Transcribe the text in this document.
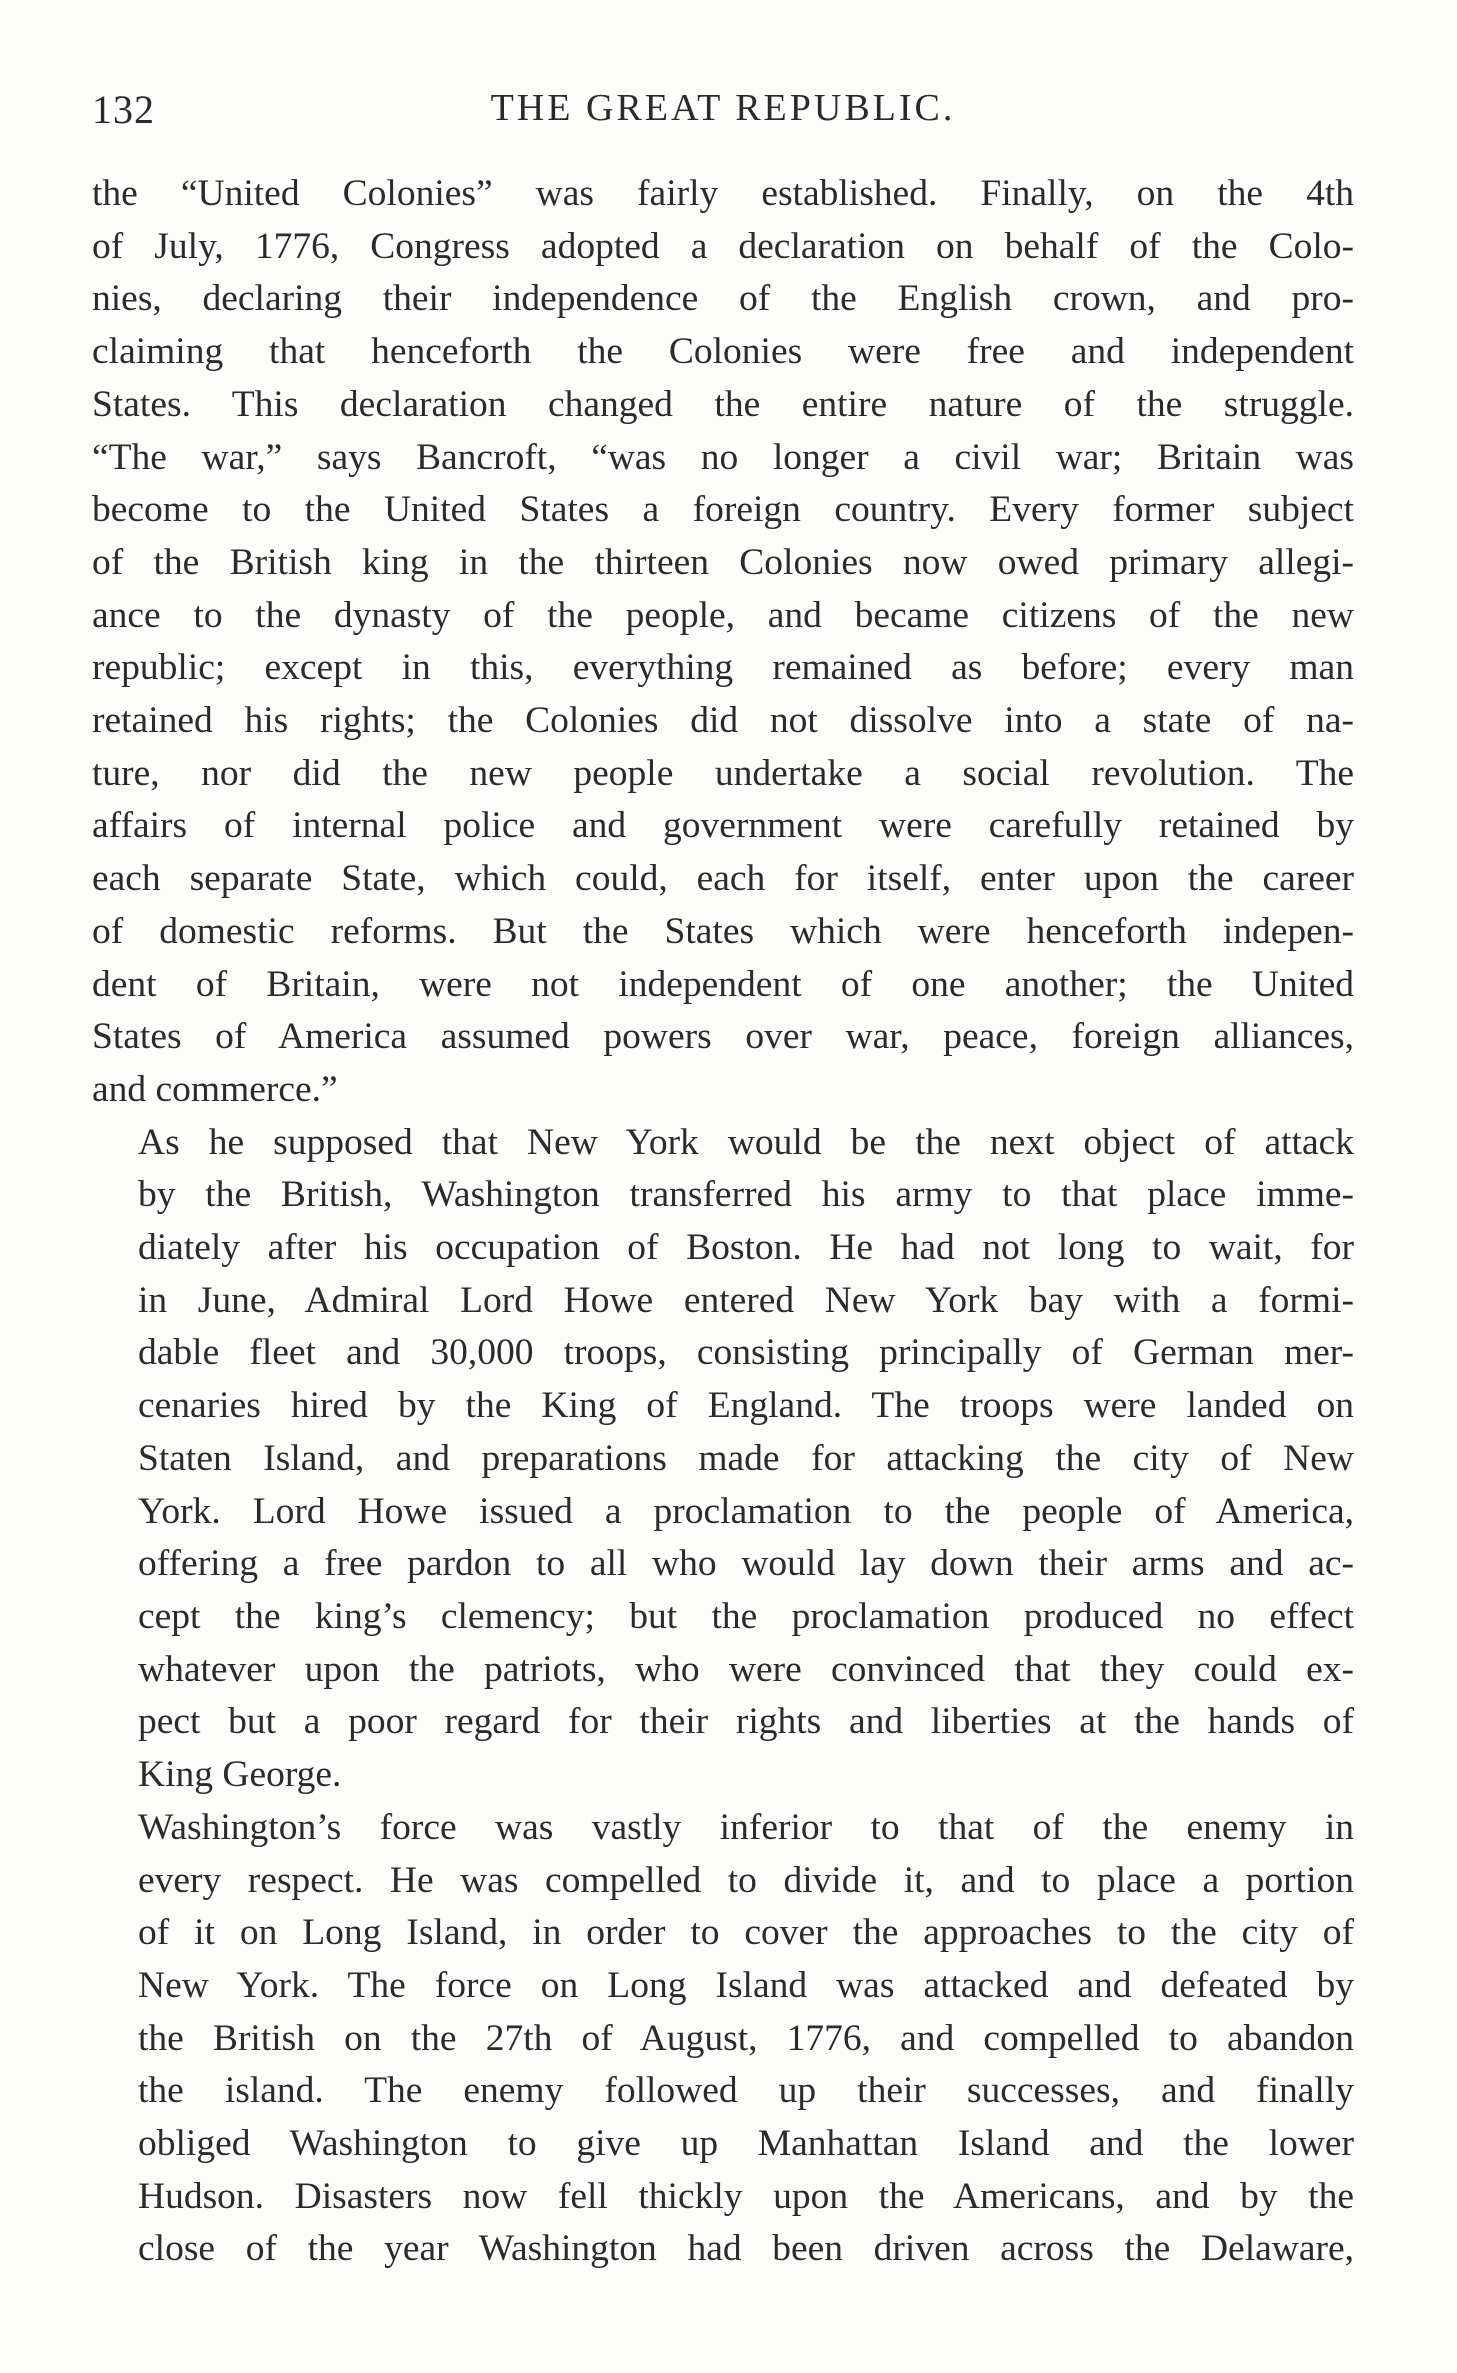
132	THE GREAT REPUBLIC.

the “United Colonies” was fairly established. Finally, on the 4th
of July, 1776, Congress adopted a declaration on behalf of the Colo-
nies, declaring their independence of the English crown, and pro-
claiming that henceforth the Colonies were free and independent
States. This declaration changed the entire nature of the struggle.
“The war,” says Bancroft, “was no longer a civil war; Britain was
become to the United States a foreign country. Every former subject
of the British king in the thirteen Colonies now owed primary allegi-
ance to the dynasty of the people, and became citizens of the new
republic; except in this, everything remained as before; every man
retained his rights; the Colonies did not dissolve into a state of na-
ture, nor did the new people undertake a social revolution. The
affairs of internal police and government were carefully retained by
each separate State, which could, each for itself, enter upon the career
of domestic reforms. But the States which were henceforth indepen-
dent of Britain, were not independent of one another; the United
States of America assumed powers over war, peace, foreign alliances,
and commerce.”

As he supposed that New York would be the next object of attack
by the British, Washington transferred his army to that place imme-
diately after his occupation of Boston. He had not long to wait, for
in June, Admiral Lord Howe entered New York bay with a formi-
dable fleet and 30,000 troops, consisting principally of German mer-
cenaries hired by the King of England. The troops were landed on
Staten Island, and preparations made for attacking the city of New
York. Lord Howe issued a proclamation to the people of America,
offering a free pardon to all who would lay down their arms and ac-
cept the king’s clemency; but the proclamation produced no effect
whatever upon the patriots, who were convinced that they could ex-
pect but a poor regard for their rights and liberties at the hands of
King George.

Washington’s force was vastly inferior to that of the enemy in
every respect. He was compelled to divide it, and to place a portion
of it on Long Island, in order to cover the approaches to the city of
New York. The force on Long Island was attacked and defeated by
the British on the 27th of August, 1776, and compelled to abandon
the island. The enemy followed up their successes, and finally
obliged Washington to give up Manhattan Island and the lower
Hudson. Disasters now fell thickly upon the Americans, and by the
close of the year Washington had been driven across the Delaware,
